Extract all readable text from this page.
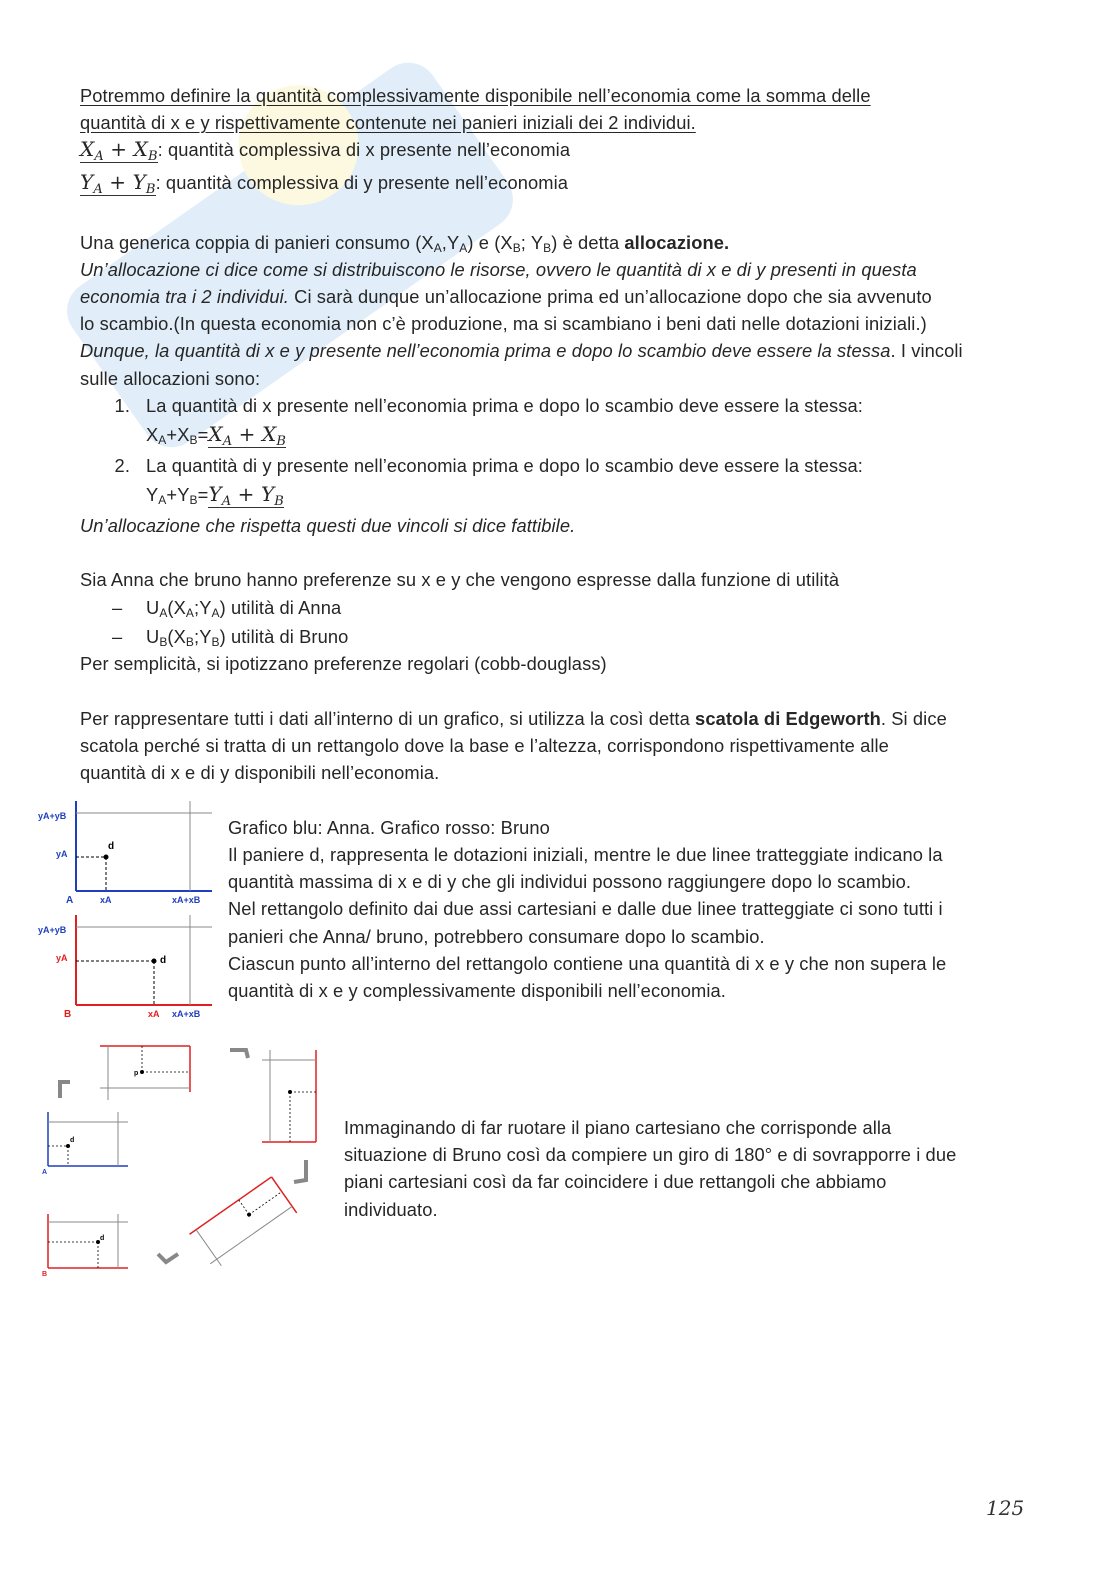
Potremmo definire la quantità complessivamente disponibile nell’economia come la somma delle

quantità di x e y rispettivamente contenute nei panieri iniziali dei 2 individui.

$X_A + X_B$: quantità complessiva di x presente nell’economia

$Y_A + Y_B$: quantità complessiva di y presente nell’economia

Una generica coppia di panieri consumo $(X_A,Y_A)$ e ($X_B$; $Y_B$) è detta allocazione.

Un’allocazione ci dice come si distribuiscono le risorse, ovvero le quantità di x e di y presenti in questa

economia tra i 2 individui. Ci sarà dunque un’allocazione prima ed un’allocazione dopo che sia avvenuto

lo scambio.(In questa economia non c’è produzione, ma si scambiano i beni dati nelle dotazioni iniziali.)

Dunque, la quantità di x e y presente nell’economia prima e dopo lo scambio deve essere la stessa. I vincoli

sulle allocazioni sono:

1. La quantità di x presente nell’economia prima e dopo lo scambio deve essere la stessa:
$X_A+X_B=X_A + X_B$
2. La quantità di y presente nell’economia prima e dopo lo scambio deve essere la stessa:
$Y_A+Y_B=Y_A + Y_B$

Un’allocazione che rispetta questi due vincoli si dice fattibile.

Sia Anna che bruno hanno preferenze su x e y che vengono espresse dalla funzione di utilità

– $U_A(X_A;Y_A)$ utilità di Anna
– $U_B(X_B;Y_B)$ utilità di Bruno

Per semplicità, si ipotizzano preferenze regolari (cobb-douglass)

Per rappresentare tutti i dati all’interno di un grafico, si utilizza la così detta scatola di Edgeworth. Si dice

scatola perché si tratta di un rettangolo dove la base e l’altezza, corrispondono rispettivamente alle

quantità di x e di y disponibili nell’economia.

d
yA+yB
yA
A	xA	xA+xB
d
yA+yB
yA
B	xA xA+xB

Grafico blu: Anna. Grafico rosso: Bruno

Il paniere d, rappresenta le dotazioni iniziali, mentre le due linee tratteggiate indicano la

quantità massima di x e di y che gli individui possono raggiungere dopo lo scambio.

Nel rettangolo definito dai due assi cartesiani e dalle due linee tratteggiate ci sono tutti i

panieri che Anna/ bruno, potrebbero consumare dopo lo scambio.

Ciascun punto all’interno del rettangolo contiene una quantità di x e y che non supera le

quantità di x e y complessivamente disponibili nell’economia.

p
d
A
d
B

Immaginando di far ruotare il piano cartesiano che corrisponde alla

situazione di Bruno così da compiere un giro di 180° e di sovrapporre i due

piani cartesiani così da far coincidere i due rettangoli che abbiamo

individuato.

125
